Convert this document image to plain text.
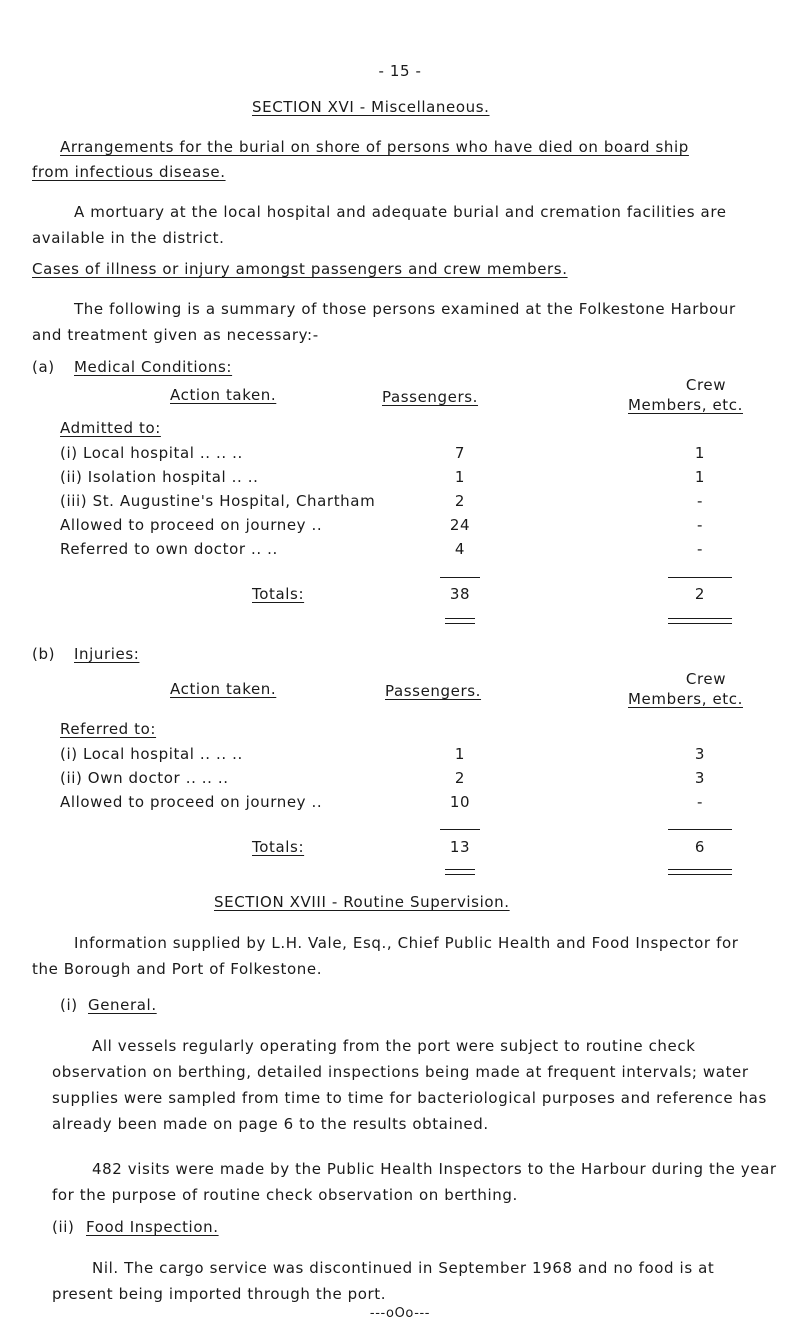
- 15 -
SECTION XVI - Miscellaneous.
Arrangements for the burial on shore of persons who have died on board ship
from infectious disease.
A mortuary at the local hospital and adequate burial and cremation facilities are available in the district.
Cases of illness or injury amongst passengers and crew members.
The following is a summary of those persons examined at the Folkestone Harbour and treatment given as necessary:-
(a) Medical Conditions:
Action taken.	Passengers.
Crew
Members, etc.
Admitted to:
(i) Local hospital .. .. ..	7	1
(ii) Isolation hospital .. ..	1	1
(iii) St. Augustine's Hospital, Chartham	2	-
Allowed to proceed on journey ..	24	-
Referred to own doctor .. ..	4	-
Totals:	38	2
(b) Injuries:
Action taken.	Passengers.
Crew
Members, etc.
Referred to:
(i) Local hospital .. .. ..	1	3
(ii) Own doctor .. .. ..	2	3
Allowed to proceed on journey ..	10	-
Totals:	13	6
SECTION XVIII - Routine Supervision.
Information supplied by L.H. Vale, Esq., Chief Public Health and Food Inspector for the Borough and Port of Folkestone.
(i) General.
All vessels regularly operating from the port were subject to routine check observation on berthing, detailed inspections being made at frequent intervals; water supplies were sampled from time to time for bacteriological purposes and reference has already been made on page 6 to the results obtained.
482 visits were made by the Public Health Inspectors to the Harbour during the year for the purpose of routine check observation on berthing.
(ii) Food Inspection.
Nil. The cargo service was discontinued in September 1968 and no food is at present being imported through the port.
---oOo---
